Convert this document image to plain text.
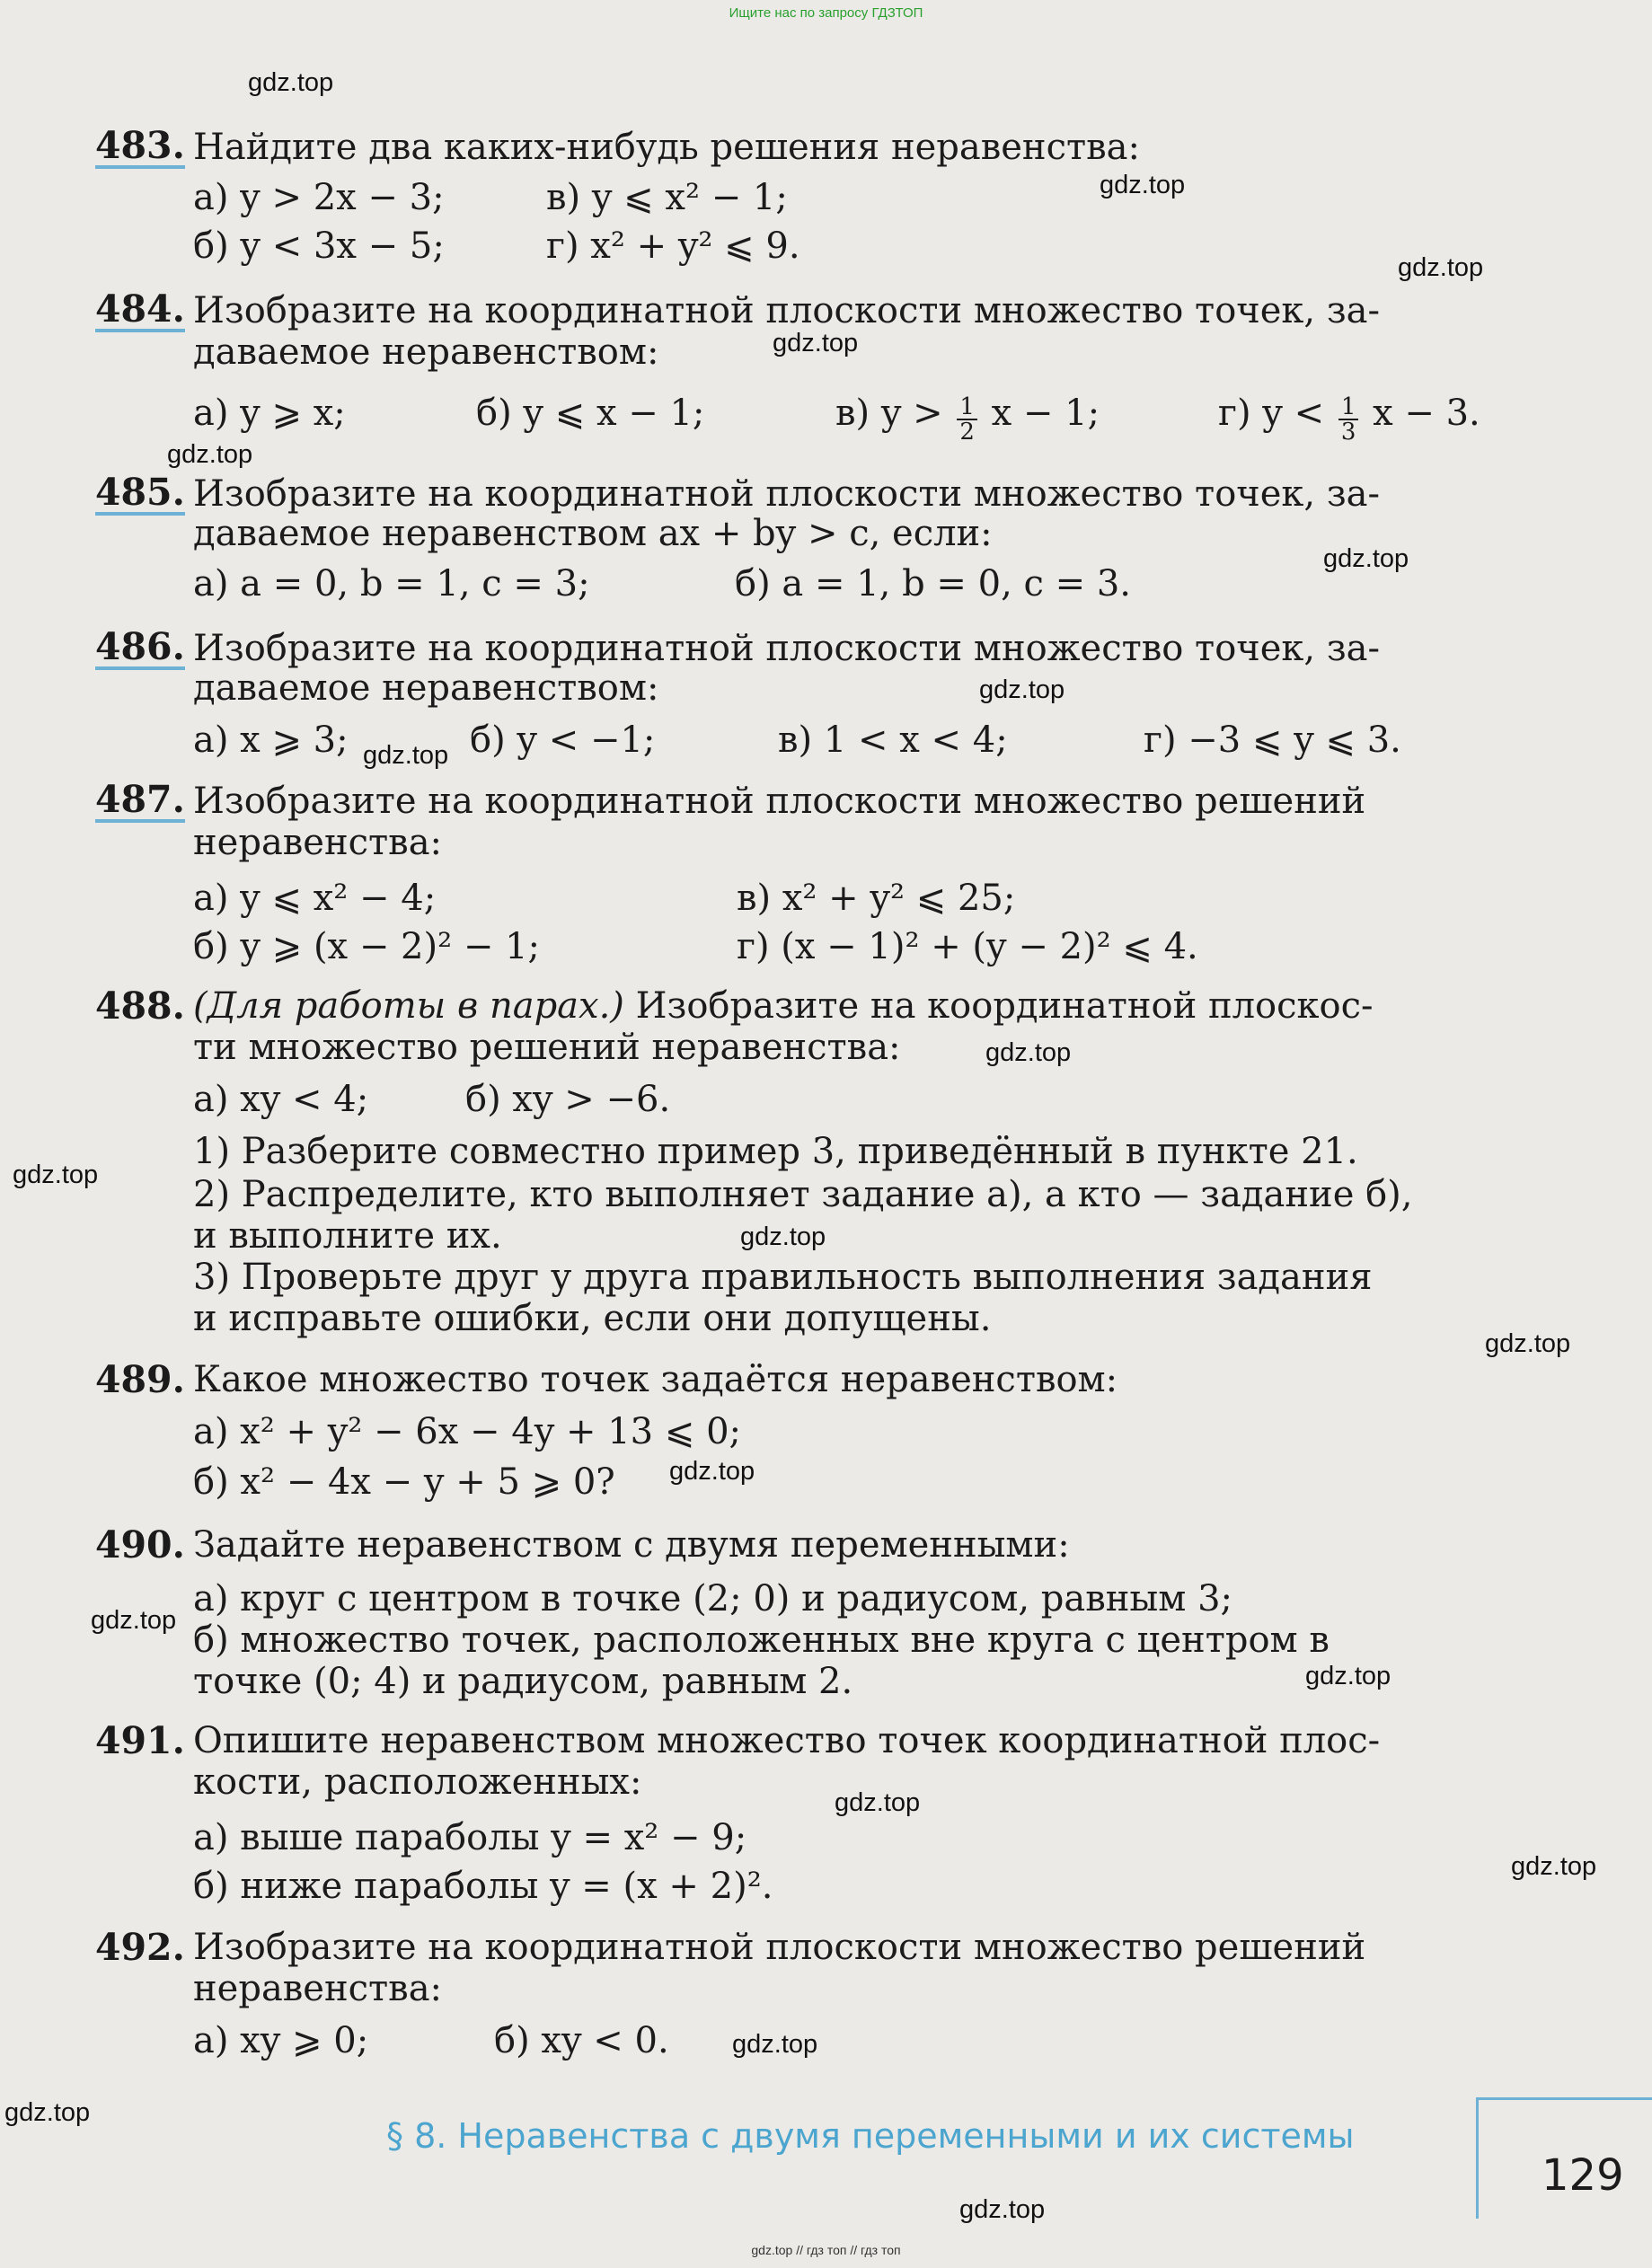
Ищите нас по запросу ГДЗТОП
gdz.top
gdz.top
gdz.top
gdz.top
gdz.top
gdz.top
gdz.top
gdz.top
gdz.top
gdz.top
gdz.top
gdz.top
gdz.top
gdz.top
gdz.top
gdz.top
gdz.top
gdz.top
gdz.top
gdz.top
483. Найдите два каких-нибудь решения неравенства:
а) y > 2x − 3;	в) y ⩽ x² − 1;
б) y < 3x − 5;	г) x² + y² ⩽ 9.
484. Изобразите на координатной плоскости множество точек, за-
даваемое неравенством:
а) y ⩾ x;	б) y ⩽ x − 1;	в) $y > \frac{1}{2}$ x − 1;	г) $y < \frac{1}{3}$ x − 3.
485. Изобразите на координатной плоскости множество точек, за-
даваемое неравенством ax + by > c, если:
а) a = 0, b = 1, c = 3;	б) a = 1, b = 0, c = 3.
486. Изобразите на координатной плоскости множество точек, за-
даваемое неравенством:
а) x ⩾ 3;	б) y < −1;	в) 1 < x < 4;	г) −3 ⩽ y ⩽ 3.
487. Изобразите на координатной плоскости множество решений
неравенства:
а) y ⩽ x² − 4;	в) x² + y² ⩽ 25;
б) y ⩾ (x − 2)² − 1;	г) (x − 1)² + (y − 2)² ⩽ 4.
488. (Для работы в парах.) Изобразите на координатной плоскос-
ти множество решений неравенства:
а) xy < 4;	б) xy > −6.
1) Разберите совместно пример 3, приведённый в пункте 21.
2) Распределите, кто выполняет задание а), а кто — задание б),
и выполните их.
3) Проверьте друг у друга правильность выполнения задания
и исправьте ошибки, если они допущены.
489. Какое множество точек задаётся неравенством:
а) x² + y² − 6x − 4y + 13 ⩽ 0;
б) x² − 4x − y + 5 ⩾ 0?
490. Задайте неравенством с двумя переменными:
а) круг с центром в точке (2; 0) и радиусом, равным 3;
б) множество точек, расположенных вне круга с центром в
точке (0; 4) и радиусом, равным 2.
491. Опишите неравенством множество точек координатной плос-
кости, расположенных:
а) выше параболы y = x² − 9;
б) ниже параболы y = (x + 2)².
492. Изобразите на координатной плоскости множество решений
неравенства:
а) xy ⩾ 0;	б) xy < 0.
§ 8. Неравенства с двумя переменными и их системы
129
gdz.top // гдз топ // гдз топ
